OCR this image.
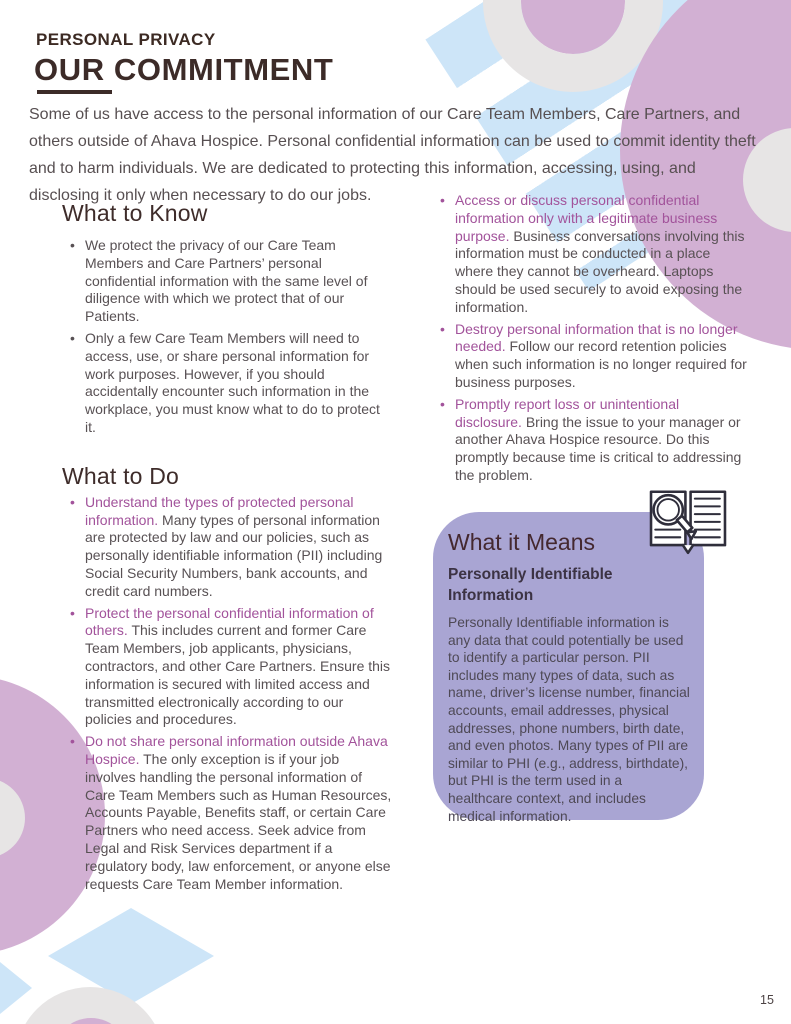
PERSONAL PRIVACY
OUR COMMITMENT

Some of us have access to the personal information of our Care Team Members, Care Partners, and others outside of Ahava Hospice. Personal confidential information can be used to commit identity theft and to harm individuals. We are dedicated to protecting this information, accessing, using, and disclosing it only when necessary to do our jobs.

What to Know
• We protect the privacy of our Care Team Members and Care Partners’ personal confidential information with the same level of diligence with which we protect that of our Patients.
• Only a few Care Team Members will need to access, use, or share personal information for work purposes. However, if you should accidentally encounter such information in the workplace, you must know what to do to protect it.
What to Do
• Understand the types of protected personal information. Many types of personal information are protected by law and our policies, such as personally identifiable information (PII) including Social Security Numbers, bank accounts, and credit card numbers.
• Protect the personal confidential information of others. This includes current and former Care Team Members, job applicants, physicians, contractors, and other Care Partners. Ensure this information is secured with limited access and transmitted electronically according to our policies and procedures.
• Do not share personal information outside Ahava Hospice. The only exception is if your job involves handling the personal information of Care Team Members such as Human Resources, Accounts Payable, Benefits staff, or certain Care Partners who need access. Seek advice from Legal and Risk Services department if a regulatory body, law enforcement, or anyone else requests Care Team Member information.
• Access or discuss personal confidential information only with a legitimate business purpose. Business conversations involving this information must be conducted in a place where they cannot be overheard. Laptops should be used securely to avoid exposing the information.
• Destroy personal information that is no longer needed. Follow our record retention policies when such information is no longer required for business purposes.
• Promptly report loss or unintentional disclosure. Bring the issue to your manager or another Ahava Hospice resource. Do this promptly because time is critical to addressing the problem.
What it Means
Personally Identifiable Information

Personally Identifiable information is any data that could potentially be used to identify a particular person. PII includes many types of data, such as name, driver’s license number, financial accounts, email addresses, physical addresses, phone numbers, birth date, and even photos. Many types of PII are similar to PHI (e.g., address, birthdate), but PHI is the term used in a healthcare context, and includes medical information.

15
